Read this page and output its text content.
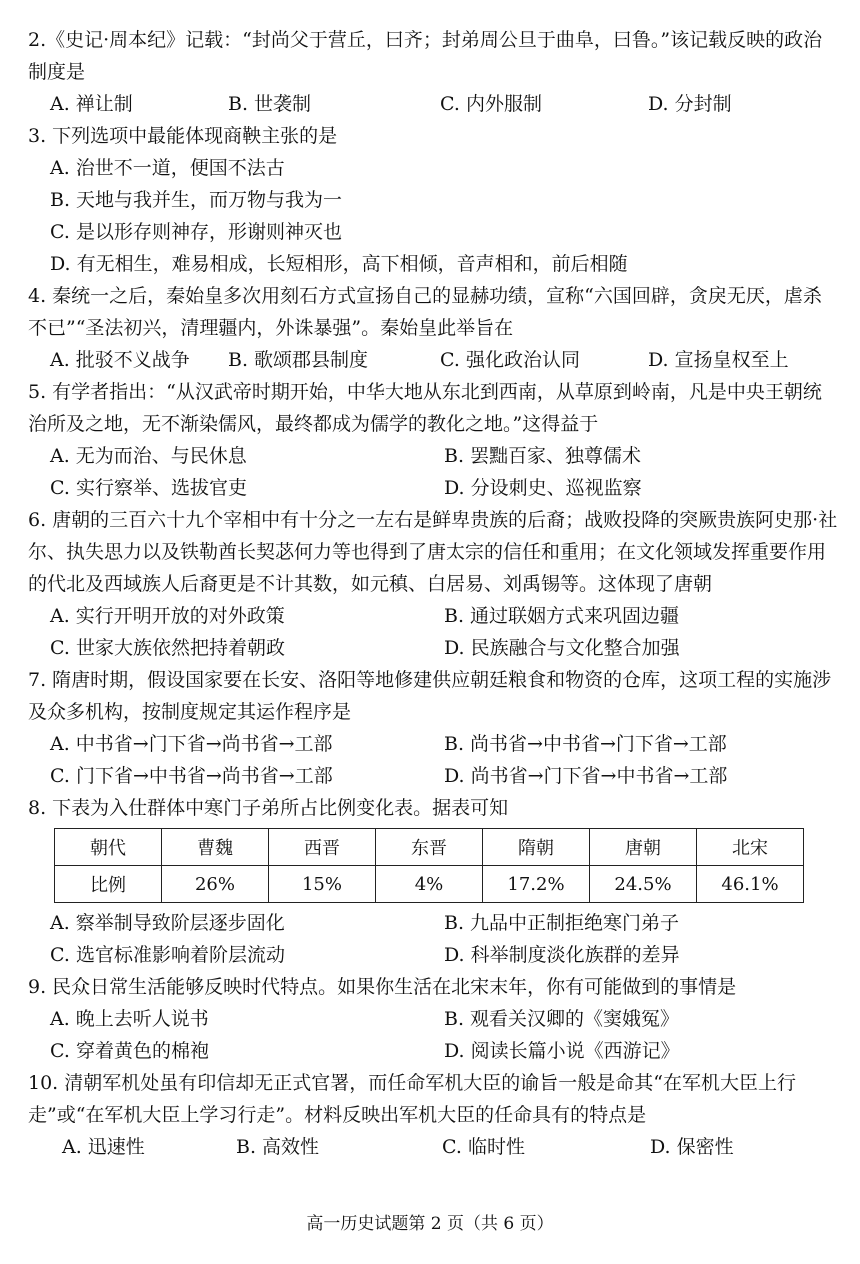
2.《史记·周本纪》记载：“封尚父于营丘，曰齐；封弟周公旦于曲阜，曰鲁。”该记载反映的政治制度是

A. 禅让制	B. 世袭制	C. 内外服制	D. 分封制

3. 下列选项中最能体现商鞅主张的是

A. 治世不一道，便国不法古
B. 天地与我并生，而万物与我为一
C. 是以形存则神存，形谢则神灭也
D. 有无相生，难易相成，长短相形，高下相倾，音声相和，前后相随

4. 秦统一之后，秦始皇多次用刻石方式宣扬自己的显赫功绩，宣称“六国回辟，贪戾无厌，虐杀不已”“圣法初兴，清理疆内，外诛暴强”。秦始皇此举旨在

A. 批驳不义战争	B. 歌颂郡县制度	C. 强化政治认同	D. 宣扬皇权至上

5. 有学者指出：“从汉武帝时期开始，中华大地从东北到西南，从草原到岭南，凡是中央王朝统治所及之地，无不渐染儒风，最终都成为儒学的教化之地。”这得益于

A. 无为而治、与民休息	B. 罢黜百家、独尊儒术
C. 实行察举、选拔官吏	D. 分设刺史、巡视监察

6. 唐朝的三百六十九个宰相中有十分之一左右是鲜卑贵族的后裔；战败投降的突厥贵族阿史那·社尔、执失思力以及铁勒酋长契苾何力等也得到了唐太宗的信任和重用；在文化领域发挥重要作用的代北及西域族人后裔更是不计其数，如元稹、白居易、刘禹锡等。这体现了唐朝

A. 实行开明开放的对外政策	B. 通过联姻方式来巩固边疆
C. 世家大族依然把持着朝政	D. 民族融合与文化整合加强

7. 隋唐时期，假设国家要在长安、洛阳等地修建供应朝廷粮食和物资的仓库，这项工程的实施涉及众多机构，按制度规定其运作程序是

A. 中书省→门下省→尚书省→工部	B. 尚书省→中书省→门下省→工部
C. 门下省→中书省→尚书省→工部	D. 尚书省→门下省→中书省→工部

8. 下表为入仕群体中寒门子弟所占比例变化表。据表可知

朝代	曹魏	西晋	东晋	隋朝	唐朝	北宋
比例	26%	15%	4%	17.2%	24.5%	46.1%
A. 察举制导致阶层逐步固化	B. 九品中正制拒绝寒门弟子
C. 选官标准影响着阶层流动	D. 科举制度淡化族群的差异

9. 民众日常生活能够反映时代特点。如果你生活在北宋末年，你有可能做到的事情是

A. 晚上去听人说书	B. 观看关汉卿的《窦娥冤》
C. 穿着黄色的棉袍	D. 阅读长篇小说《西游记》

10. 清朝军机处虽有印信却无正式官署，而任命军机大臣的谕旨一般是命其“在军机大臣上行走”或“在军机大臣上学习行走”。材料反映出军机大臣的任命具有的特点是

A. 迅速性	B. 高效性	C. 临时性	D. 保密性
高一历史试题第 2 页（共 6 页）
